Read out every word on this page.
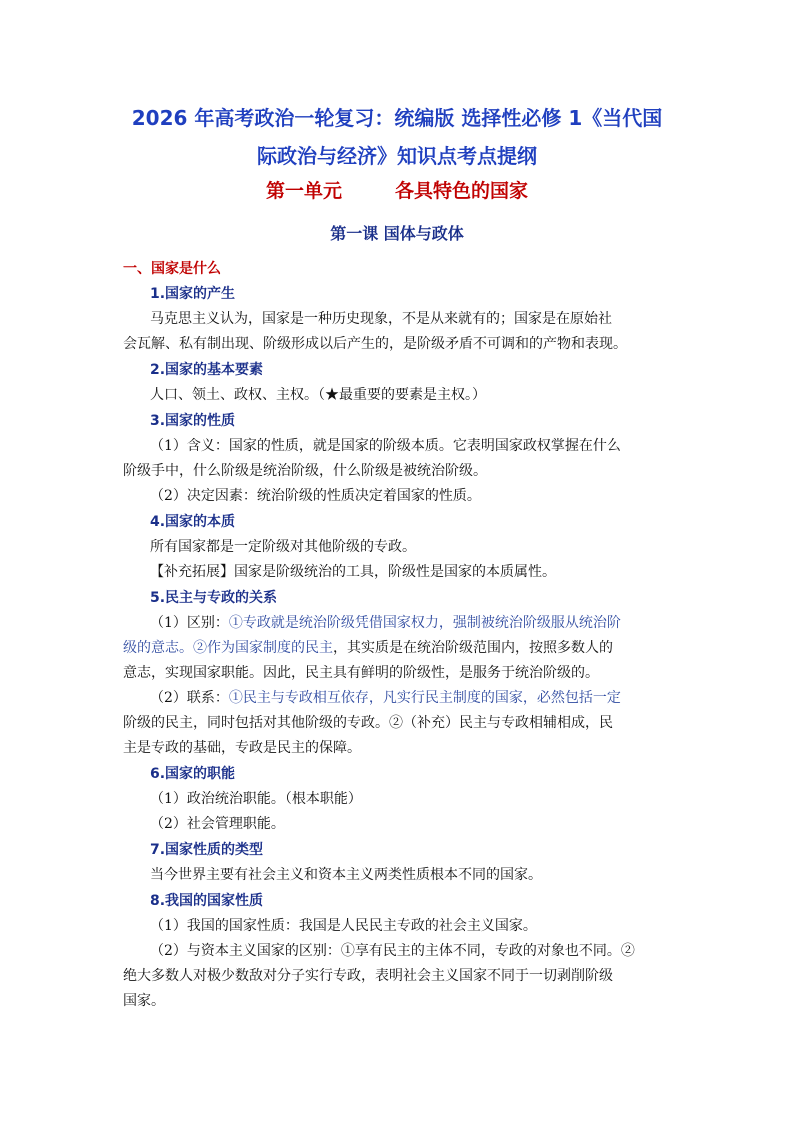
2026 年高考政治一轮复习：统编版 选择性必修 1《当代国
际政治与经济》知识点考点提纲
第一单元        各具特色的国家
第一课 国体与政体
一、国家是什么
1.国家的产生
马克思主义认为，国家是一种历史现象，不是从来就有的；国家是在原始社
会瓦解、私有制出现、阶级形成以后产生的，是阶级矛盾不可调和的产物和表现。
2.国家的基本要素
人口、领土、政权、主权。（★最重要的要素是主权。）
3.国家的性质
（1）含义：国家的性质，就是国家的阶级本质。它表明国家政权掌握在什么
阶级手中，什么阶级是统治阶级，什么阶级是被统治阶级。
（2）决定因素：统治阶级的性质决定着国家的性质。
4.国家的本质
所有国家都是一定阶级对其他阶级的专政。
【补充拓展】国家是阶级统治的工具，阶级性是国家的本质属性。
5.民主与专政的关系
（1）区别：①专政就是统治阶级凭借国家权力，强制被统治阶级服从统治阶
级的意志。②作为国家制度的民主，其实质是在统治阶级范围内，按照多数人的
意志，实现国家职能。因此，民主具有鲜明的阶级性，是服务于统治阶级的。
（2）联系：①民主与专政相互依存，凡实行民主制度的国家，必然包括一定
阶级的民主，同时包括对其他阶级的专政。②（补充）民主与专政相辅相成，民
主是专政的基础，专政是民主的保障。
6.国家的职能
（1）政治统治职能。（根本职能）
（2）社会管理职能。
7.国家性质的类型
当今世界主要有社会主义和资本主义两类性质根本不同的国家。
8.我国的国家性质
（1）我国的国家性质：我国是人民民主专政的社会主义国家。
（2）与资本主义国家的区别：①享有民主的主体不同，专政的对象也不同。②
绝大多数人对极少数敌对分子实行专政，表明社会主义国家不同于一切剥削阶级
国家。
